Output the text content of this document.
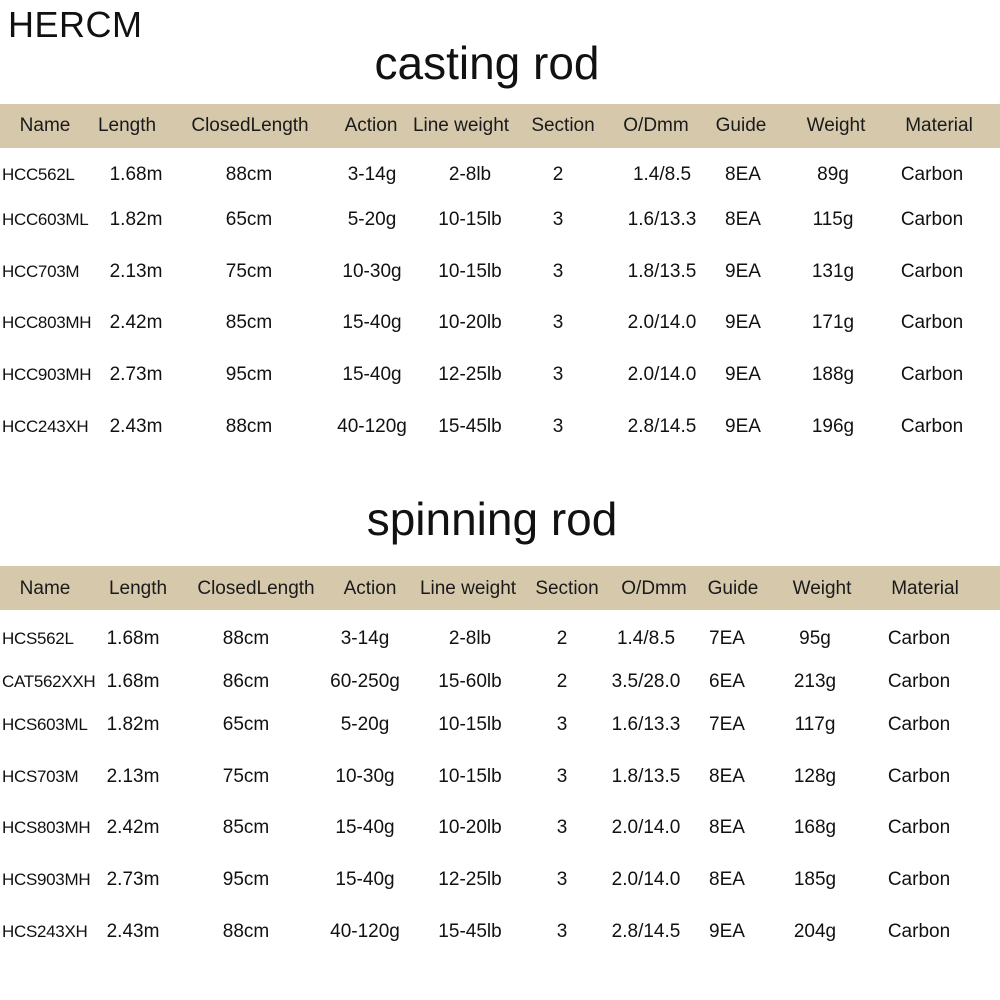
HERCM
casting rod
Name Length ClosedLength Action Line weight Section O/Dmm Guide Weight Material
HCC562L 1.68m	88cm	3-14g	2-8lb	2	1.4/8.5 8EA	89g	Carbon
HCC603ML 1.82m	65cm	5-20g 10-15lb	3	1.6/13.3 8EA	115g Carbon
HCC703M 2.13m	75cm	10-30g 10-15lb	3	1.8/13.5 9EA	131g Carbon
HCC803MH 2.42m	85cm	15-40g 10-20lb	3	2.0/14.0 9EA	171g Carbon
HCC903MH 2.73m	95cm	15-40g 12-25lb	3	2.0/14.0 9EA	188g Carbon
HCC243XH 2.43m	88cm	40-120g 15-45lb	3	2.8/14.5 9EA	196g Carbon
spinning rod
Name Length ClosedLength Action Line weight Section O/Dmm Guide Weight Material
HCS562L 1.68m	88cm	3-14g	2-8lb	2	1.4/8.5 7EA	95g	Carbon
CAT562XXH 1.68m	86cm	60-250g 15-60lb	2 3.5/28.0 6EA	213g	Carbon
HCS603ML 1.82m	65cm	5-20g	10-15lb	3 1.6/13.3 7EA	117g	Carbon
HCS703M 2.13m	75cm	10-30g 10-15lb	3 1.8/13.5 8EA	128g	Carbon
HCS803MH 2.42m	85cm	15-40g 10-20lb	3 2.0/14.0 8EA	168g	Carbon
HCS903MH 2.73m	95cm	15-40g 12-25lb	3 2.0/14.0 8EA	185g	Carbon
HCS243XH 2.43m	88cm	40-120g 15-45lb	3 2.8/14.5 9EA	204g	Carbon
